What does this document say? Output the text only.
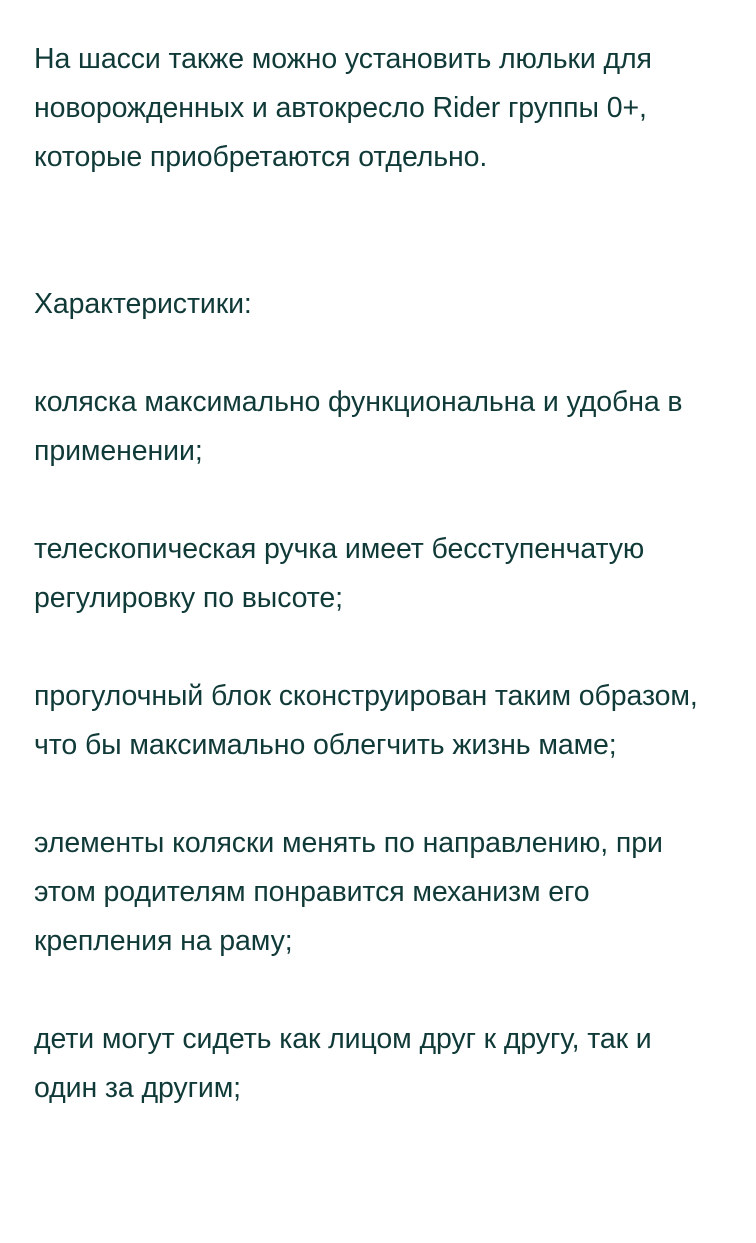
На шасси также можно установить люльки для новорожденных и автокресло Rider группы 0+, которые приобретаются отдельно.

Характеристики:

коляска максимально функциональна и удобна в применении;

телескопическая ручка имеет бесступенчатую регулировку по высоте;

прогулочный блок сконструирован таким образом, что бы максимально облегчить жизнь маме;

элементы коляски менять по направлению, при этом родителям понравится механизм его крепления на раму;

дети могут сидеть как лицом друг к другу, так и один за другим;
